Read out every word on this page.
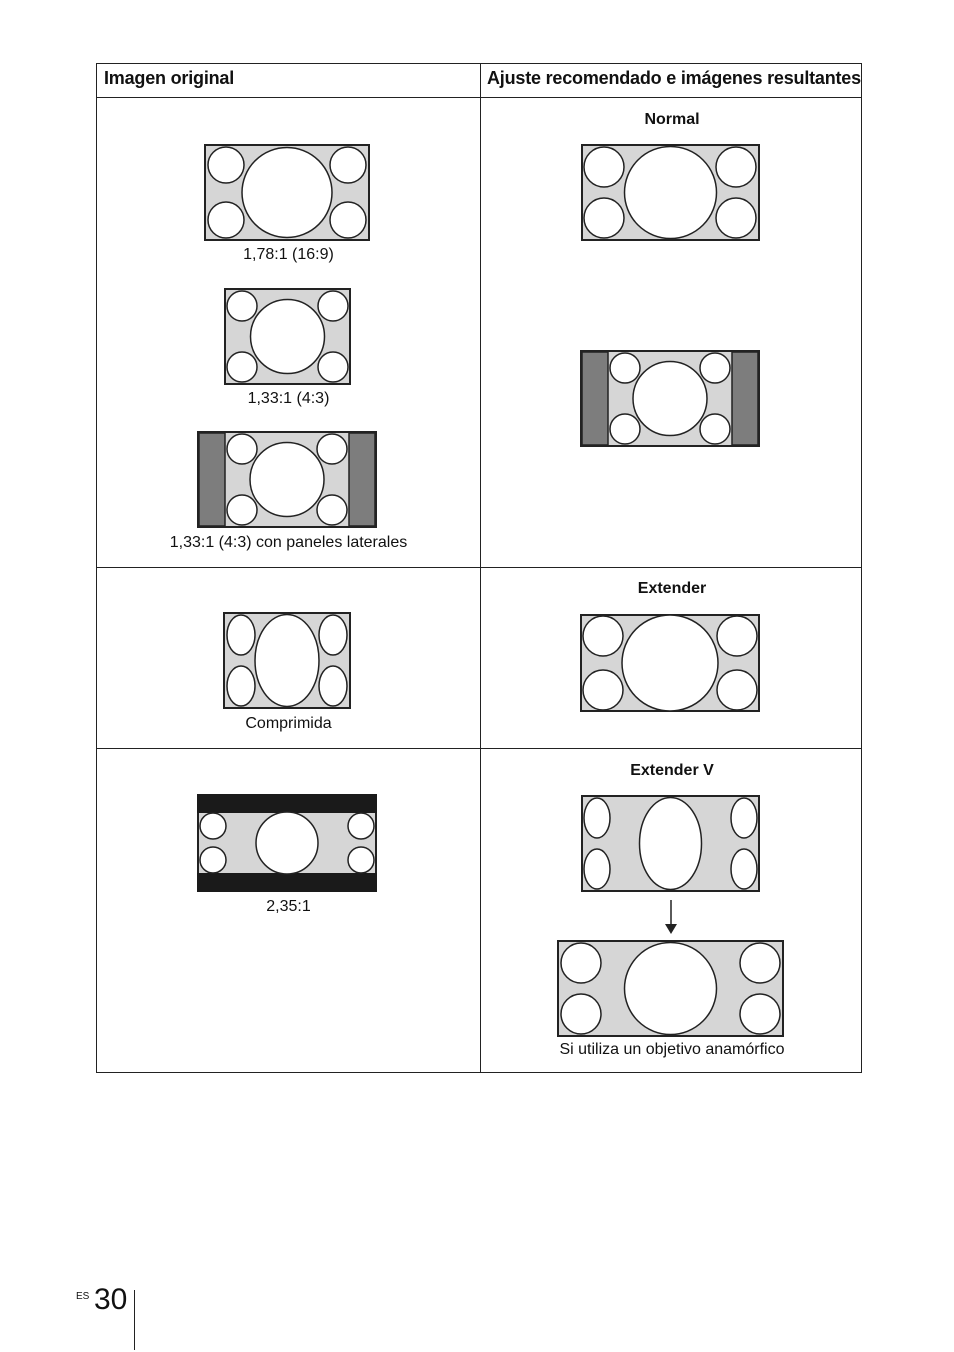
Imagen original	Ajuste recomendado e imágenes resultantes
Normal
Extender
Extender V
1,78:1 (16:9)
1,33:1 (4:3)
1,33:1 (4:3) con paneles laterales
Comprimida
2,35:1
Si utiliza un objetivo anamórfico
ES 30
